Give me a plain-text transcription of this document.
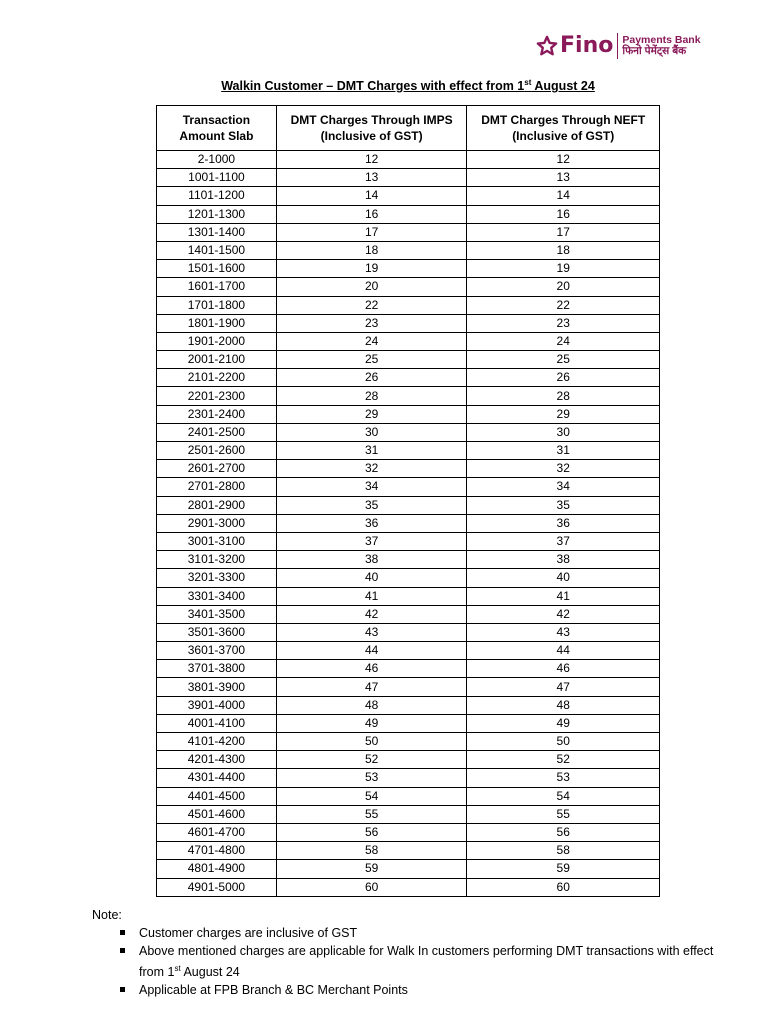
Fino Payments Bank
फिनो पेमेंट्स बैंक
Walkin Customer – DMT Charges with effect from 1st August 24
Transaction Amount Slab	DMT Charges Through IMPS (Inclusive of GST)	DMT Charges Through NEFT (Inclusive of GST)
2-1000	12	12
1001-1100	13	13
1101-1200	14	14
1201-1300	16	16
1301-1400	17	17
1401-1500	18	18
1501-1600	19	19
1601-1700	20	20
1701-1800	22	22
1801-1900	23	23
1901-2000	24	24
2001-2100	25	25
2101-2200	26	26
2201-2300	28	28
2301-2400	29	29
2401-2500	30	30
2501-2600	31	31
2601-2700	32	32
2701-2800	34	34
2801-2900	35	35
2901-3000	36	36
3001-3100	37	37
3101-3200	38	38
3201-3300	40	40
3301-3400	41	41
3401-3500	42	42
3501-3600	43	43
3601-3700	44	44
3701-3800	46	46
3801-3900	47	47
3901-4000	48	48
4001-4100	49	49
4101-4200	50	50
4201-4300	52	52
4301-4400	53	53
4401-4500	54	54
4501-4600	55	55
4601-4700	56	56
4701-4800	58	58
4801-4900	59	59
4901-5000	60	60
Note:
Customer charges are inclusive of GST
Above mentioned charges are applicable for Walk In customers performing DMT transactions with effect from 1st August 24
Applicable at FPB Branch & BC Merchant Points
